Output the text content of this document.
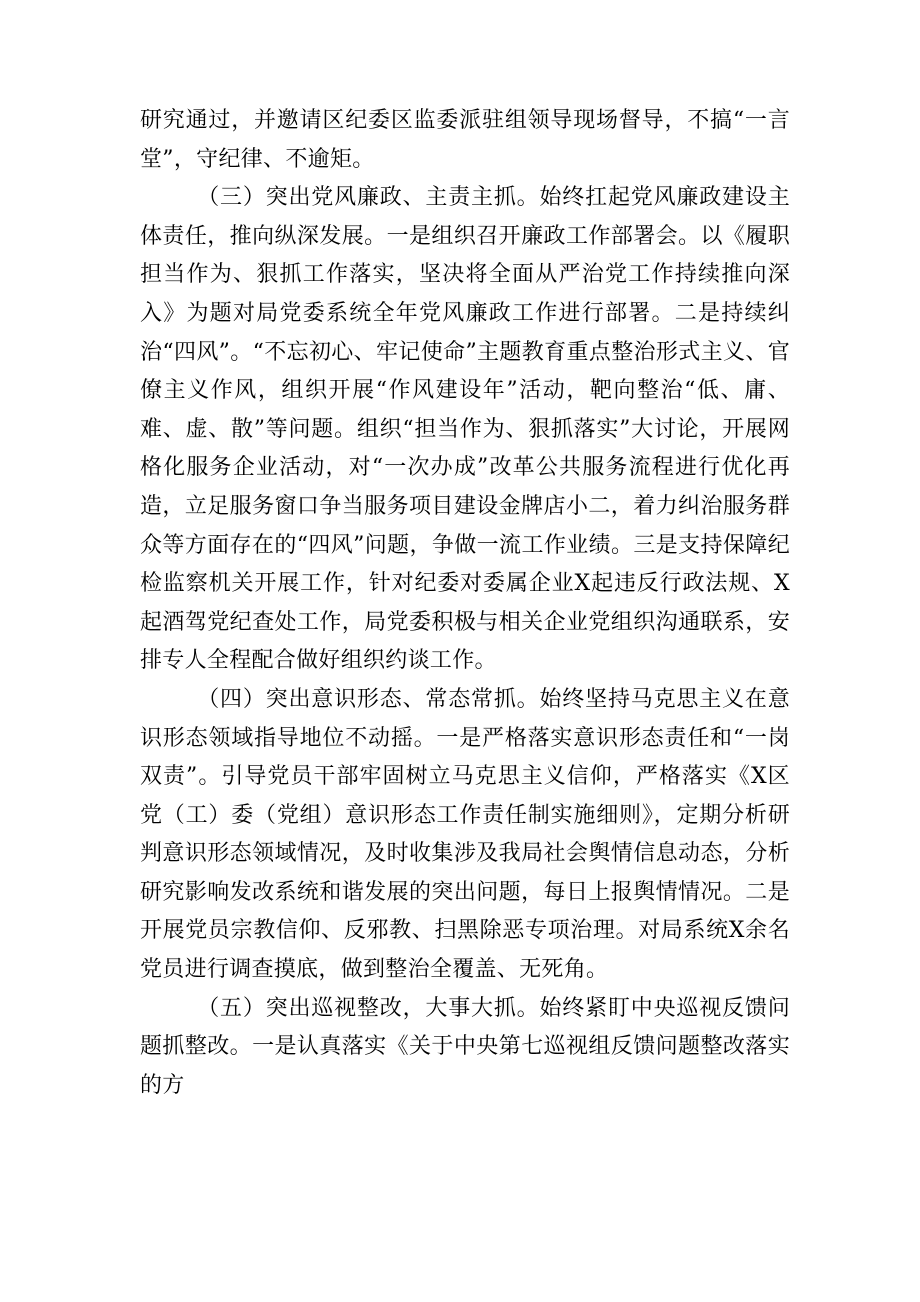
研究通过，并邀请区纪委区监委派驻组领导现场督导，不搞“一言堂”，守纪律、不逾矩。

（三）突出党风廉政、主责主抓。始终扛起党风廉政建设主体责任，推向纵深发展。一是组织召开廉政工作部署会。以《履职担当作为、狠抓工作落实，坚决将全面从严治党工作持续推向深入》为题对局党委系统全年党风廉政工作进行部署。二是持续纠治“四风”。“不忘初心、牢记使命”主题教育重点整治形式主义、官僚主义作风，组织开展“作风建设年”活动，靶向整治“低、庸、难、虚、散”等问题。组织“担当作为、狠抓落实”大讨论，开展网格化服务企业活动，对“一次办成”改革公共服务流程进行优化再造，立足服务窗口争当服务项目建设金牌店小二，着力纠治服务群众等方面存在的“四风”问题，争做一流工作业绩。三是支持保障纪检监察机关开展工作，针对纪委对委属企业X起违反行政法规、X起酒驾党纪查处工作，局党委积极与相关企业党组织沟通联系，安排专人全程配合做好组织约谈工作。

（四）突出意识形态、常态常抓。始终坚持马克思主义在意识形态领域指导地位不动摇。一是严格落实意识形态责任和“一岗双责”。引导党员干部牢固树立马克思主义信仰，严格落实《X区党（工）委（党组）意识形态工作责任制实施细则》，定期分析研判意识形态领域情况，及时收集涉及我局社会舆情信息动态，分析研究影响发改系统和谐发展的突出问题，每日上报舆情情况。二是开展党员宗教信仰、反邪教、扫黑除恶专项治理。对局系统X余名党员进行调查摸底，做到整治全覆盖、无死角。

（五）突出巡视整改，大事大抓。始终紧盯中央巡视反馈问题抓整改。一是认真落实《关于中央第七巡视组反馈问题整改落实的方
